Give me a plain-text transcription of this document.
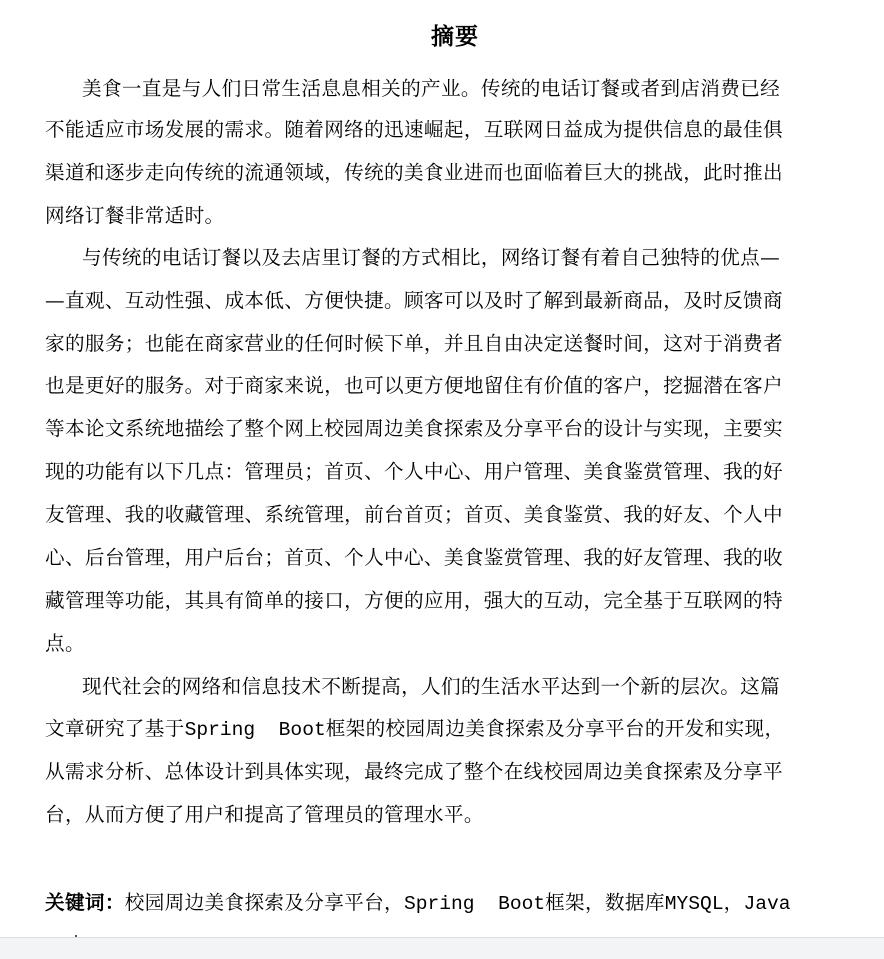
摘要
美食一直是与人们日常生活息息相关的产业。传统的电话订餐或者到店消费已经
不能适应市场发展的需求。随着网络的迅速崛起，互联网日益成为提供信息的最佳俱
渠道和逐步走向传统的流通领域，传统的美食业进而也面临着巨大的挑战，此时推出
网络订餐非常适时。
与传统的电话订餐以及去店里订餐的方式相比，网络订餐有着自己独特的优点—
—直观、互动性强、成本低、方便快捷。顾客可以及时了解到最新商品，及时反馈商
家的服务；也能在商家营业的任何时候下单，并且自由决定送餐时间，这对于消费者
也是更好的服务。对于商家来说，也可以更方便地留住有价值的客户，挖掘潜在客户
等本论文系统地描绘了整个网上校园周边美食探索及分享平台的设计与实现，主要实
现的功能有以下几点：管理员；首页、个人中心、用户管理、美食鉴赏管理、我的好
友管理、我的收藏管理、系统管理，前台首页；首页、美食鉴赏、我的好友、个人中
心、后台管理，用户后台；首页、个人中心、美食鉴赏管理、我的好友管理、我的收
藏管理等功能，其具有简单的接口，方便的应用，强大的互动，完全基于互联网的特
点。
现代社会的网络和信息技术不断提高，人们的生活水平达到一个新的层次。这篇
文章研究了基于Spring  Boot框架的校园周边美食探索及分享平台的开发和实现，
从需求分析、总体设计到具体实现，最终完成了整个在线校园周边美食探索及分享平
台，从而方便了用户和提高了管理员的管理水平。
关键词：校园周边美食探索及分享平台，Spring  Boot框架，数据库MYSQL，Java
